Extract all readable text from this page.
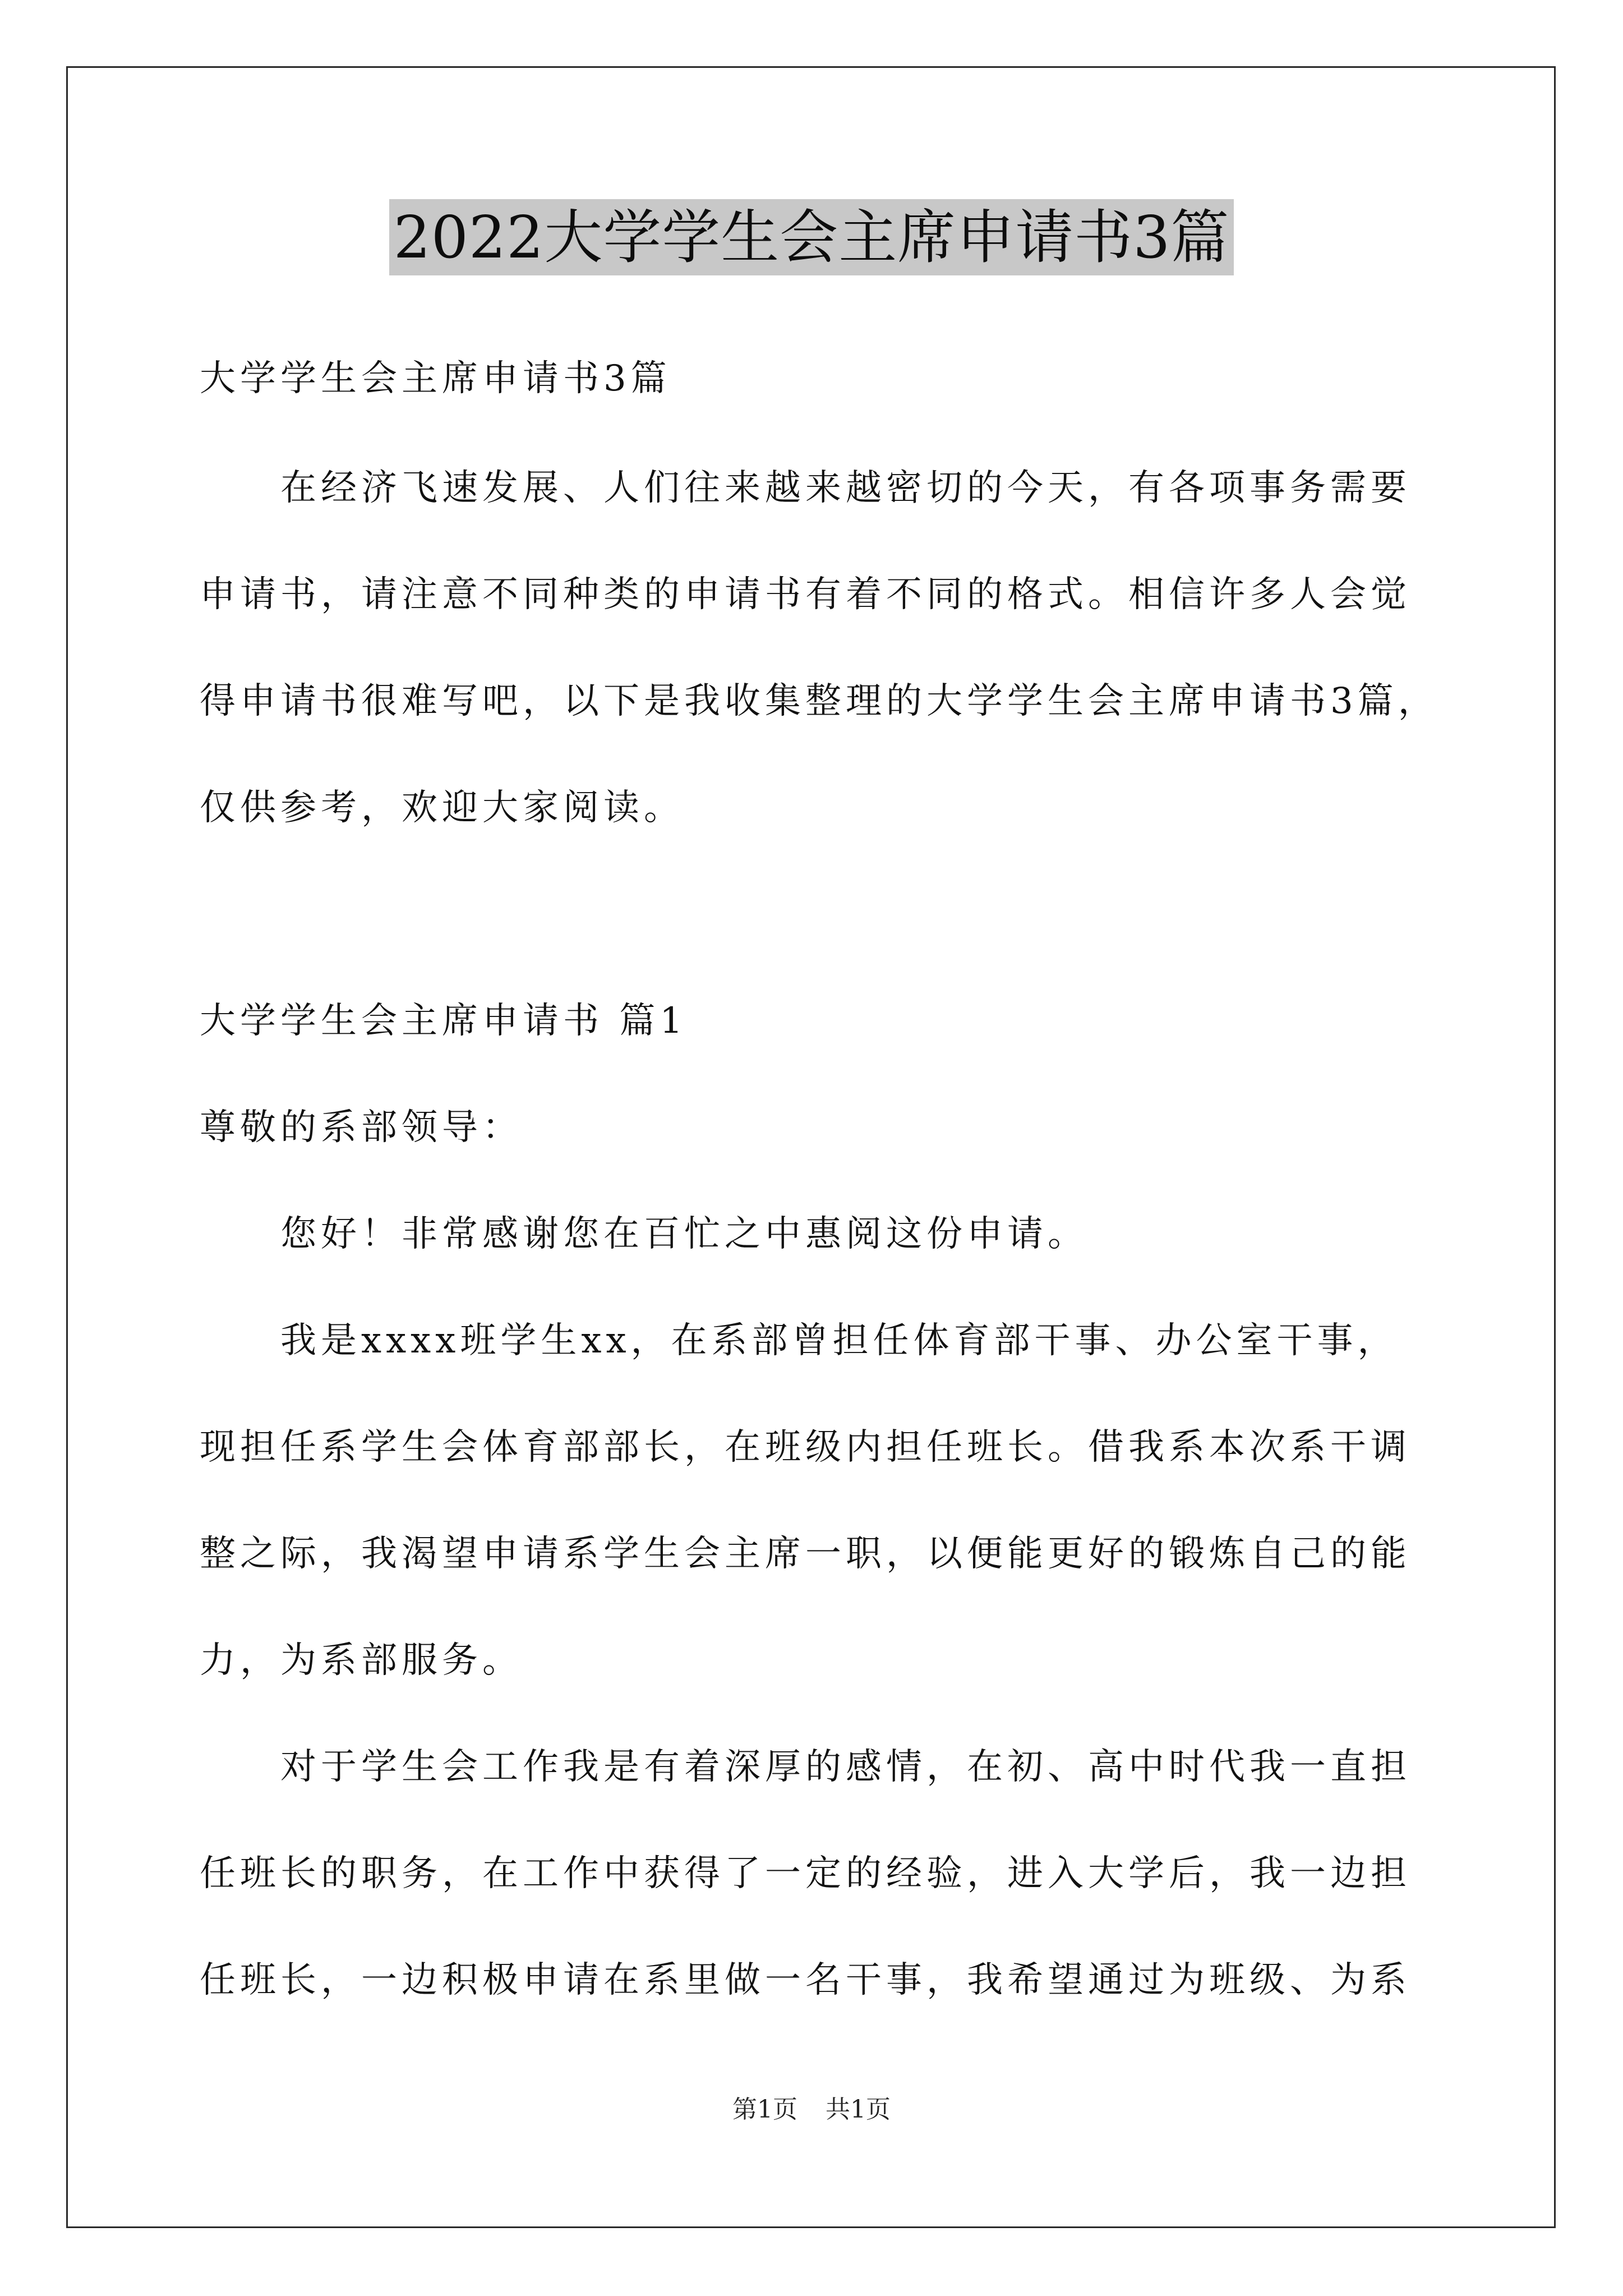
2022大学学生会主席申请书3篇
大学学生会主席申请书3篇
在经济飞速发展、人们往来越来越密切的今天，有各项事务需要
申请书，请注意不同种类的申请书有着不同的格式。相信许多人会觉
得申请书很难写吧，以下是我收集整理的大学学生会主席申请书3篇，
仅供参考，欢迎大家阅读。
大学学生会主席申请书 篇1
尊敬的系部领导：
您好！非常感谢您在百忙之中惠阅这份申请。
我是xxxx班学生xx，在系部曾担任体育部干事、办公室干事，
现担任系学生会体育部部长，在班级内担任班长。借我系本次系干调
整之际，我渴望申请系学生会主席一职，以便能更好的锻炼自己的能
力，为系部服务。
对于学生会工作我是有着深厚的感情，在初、高中时代我一直担
任班长的职务，在工作中获得了一定的经验，进入大学后，我一边担
任班长，一边积极申请在系里做一名干事，我希望通过为班级、为系
第1页 共1页
